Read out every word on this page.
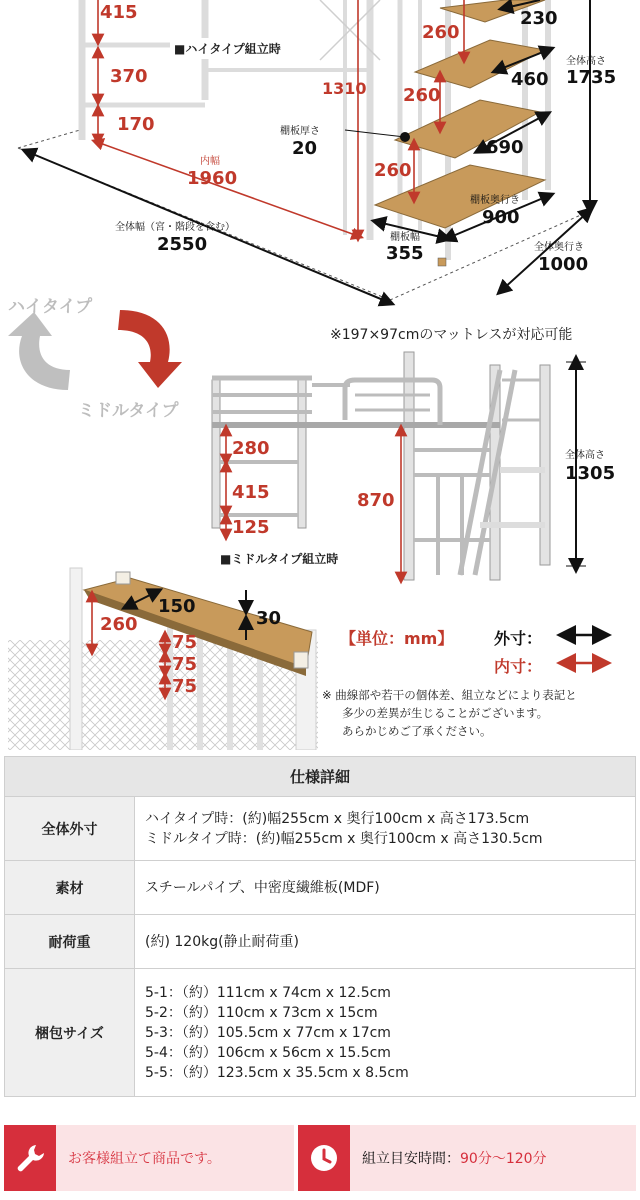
415
370
170
■ハイタイプ組立時
1310
260
260
260
230
460
690
棚板奥行き
900
棚板幅
355
棚板厚さ
20
内幅
1960
全体幅（宮・階段を含む）
2550
全体高さ
1735
全体奥行き
1000
ハイタイプ
ミドルタイプ
※197×97cmのマットレスが対応可能
280
415
125
870
全体高さ
1305
■ミドルタイプ組立時
260
150
30
75
75
75
【単位：mm】	外寸：
内寸：
※ 曲線部や若干の個体差、組立などにより表記と
多少の差異が生じることがございます。
あらかじめご了承ください。
仕様詳細	
全体外寸	ハイタイプ時：(約)幅255cm x 奥行100cm x 高さ173.5cm
ミドルタイプ時：(約)幅255cm x 奥行100cm x 高さ130.5cm

素材	スチールパイプ、中密度繊維板(MDF)

耐荷重	(約) 120kg(静止耐荷重)

梱包サイズ	5-1：（約）111cm x 74cm x 12.5cm
5-2：（約）110cm x 73cm x 15cm
5-3：（約）105.5cm x 77cm x 17cm
5-4：（約）106cm x 56cm x 15.5cm
5-5：（約）123.5cm x 35.5cm x 8.5cm
お客様組立て商品です。	組立目安時間： 90分〜120分
